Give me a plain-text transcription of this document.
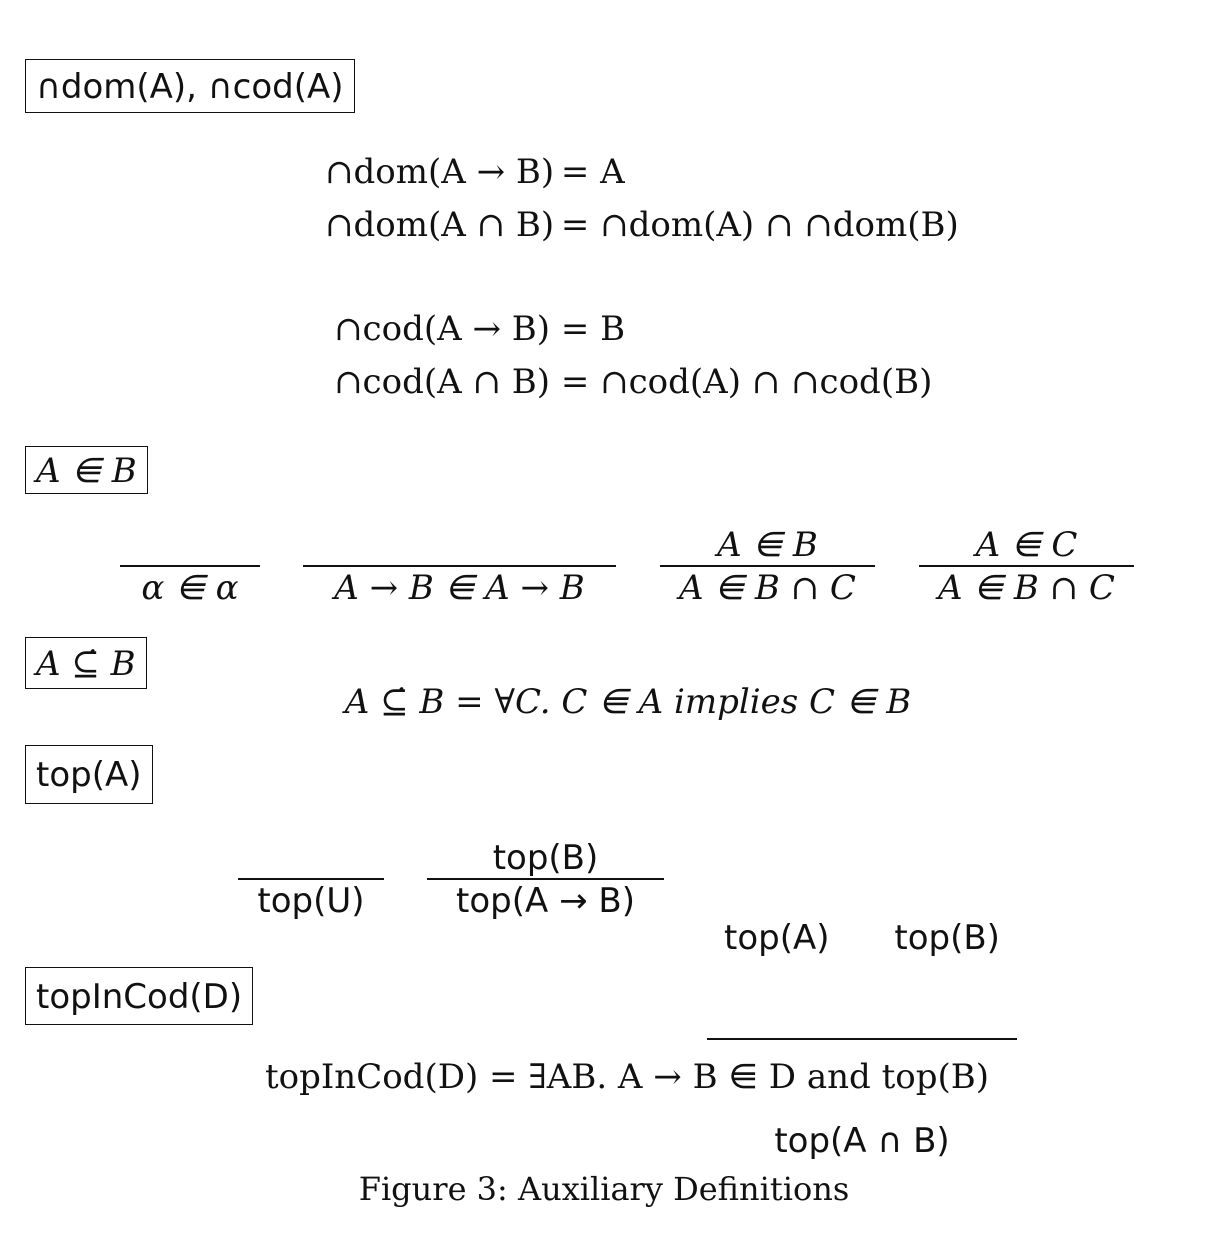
∩dom(A), ∩cod(A)
∩dom(A → B) = A
∩dom(A ∩ B) = ∩dom(A) ∩ ∩dom(B)
∩cod(A → B) = B
∩cod(A ∩ B) = ∩cod(A) ∩ ∩cod(B)
A ⋹ B
α ⋹ α	A → B ⋹ A → B
A ⋹ B
A ⋹ B ∩ C
A ⋹ C
A ⋹ B ∩ C
A ⊆̇ B
A ⊆̇ B = ∀C. C ⋹ A implies C ⋹ B
top(A)
top(U)
top(B)
top(A → B)

top(A)      top(B)

top(A ∩ B)

topInCod(D)
topInCod(D) = ∃AB. A → B ⋹ D and top(B)
Figure 3: Auxiliary Definitions
